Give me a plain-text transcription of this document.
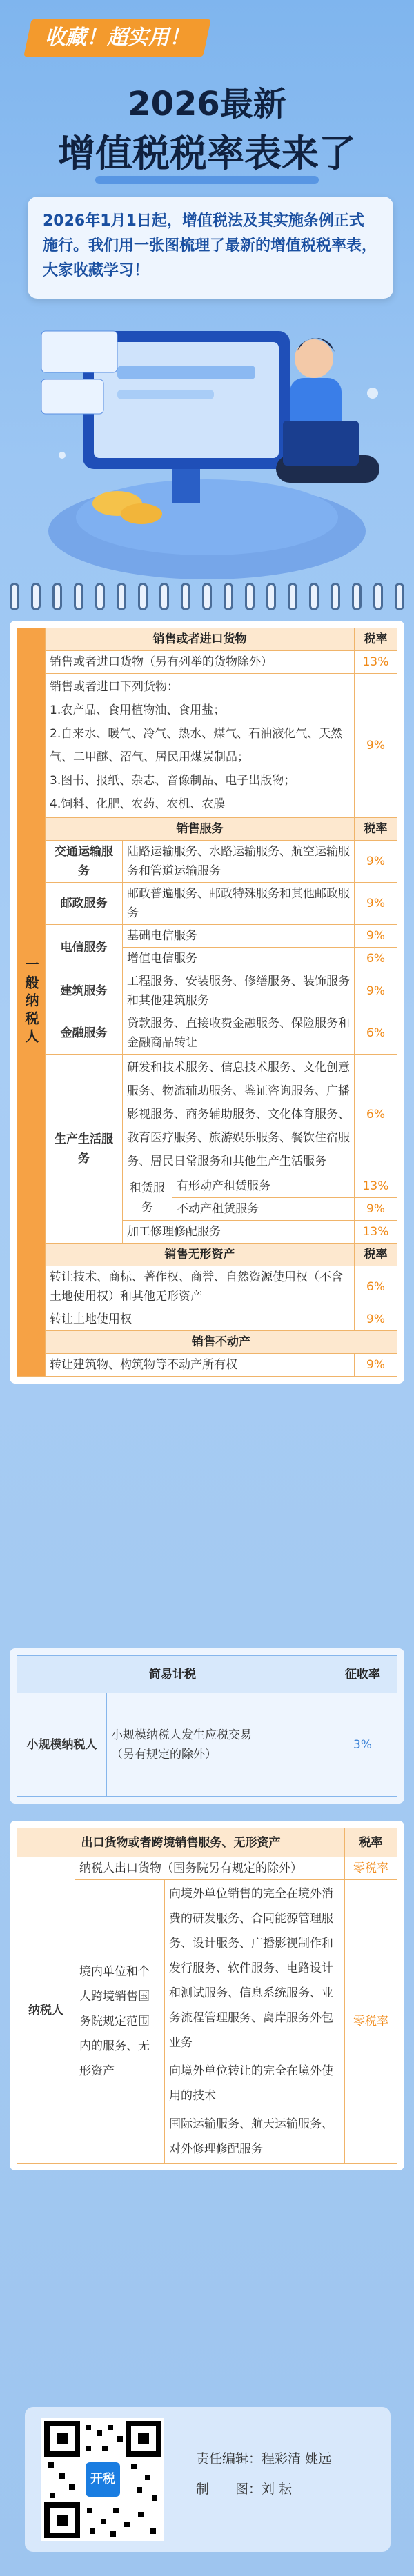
收藏！超实用！
2026最新
增值税税率表来了
2026年1月1日起，增值税法及其实施条例正式施行。我们用一张图梳理了最新的增值税税率表，大家收藏学习！
一般纳税人	销售或者进口货物			税率
	销售或者进口货物（另有列举的货物除外）			13%
	销售或者进口下列货物：
1.农产品、食用植物油、食用盐；
2.自来水、暖气、冷气、热水、煤气、石油液化气、天然气、二甲醚、沼气、居民用煤炭制品；
3.图书、报纸、杂志、音像制品、电子出版物；
4.饲料、化肥、农药、农机、农膜			9%
	销售服务			税率
	交通运输服务	陆路运输服务、水路运输服务、航空运输服务和管道运输服务		9%
	邮政服务	邮政普遍服务、邮政特殊服务和其他邮政服务		9%
	电信服务	基础电信服务		9%
		增值电信服务		6%
	建筑服务	工程服务、安装服务、修缮服务、装饰服务和其他建筑服务		9%
	金融服务	贷款服务、直接收费金融服务、保险服务和金融商品转让		6%
	生产生活服务	研发和技术服务、信息技术服务、文化创意服务、物流辅助服务、鉴证咨询服务、广播影视服务、商务辅助服务、文化体育服务、教育医疗服务、旅游娱乐服务、餐饮住宿服务、居民日常服务和其他生产生活服务		6%
		租赁服务	有形动产租赁服务	13%
			不动产租赁服务	9%
		加工修理修配服务		13%
	销售无形资产			税率
	转让技术、商标、著作权、商誉、自然资源使用权（不含土地使用权）和其他无形资产			6%
	转让土地使用权			9%
	销售不动产			
	转让建筑物、构筑物等不动产所有权			9%
简易计税		征收率
小规模纳税人	小规模纳税人发生应税交易
（另有规定的除外）	3%
出口货物或者跨境销售服务、无形资产			税率
纳税人	纳税人出口货物（国务院另有规定的除外）		零税率
	境内单位和个人跨境销售国务院规定范围内的服务、无形资产	向境外单位销售的完全在境外消费的研发服务、合同能源管理服务、设计服务、广播影视制作和发行服务、软件服务、电路设计和测试服务、信息系统服务、业务流程管理服务、离岸服务外包业务	零税率
		向境外单位转让的完全在境外使用的技术	
		国际运输服务、航天运输服务、对外修理修配服务	
开税
责任编辑：程彩清 姚远
制　　图：刘 耘
